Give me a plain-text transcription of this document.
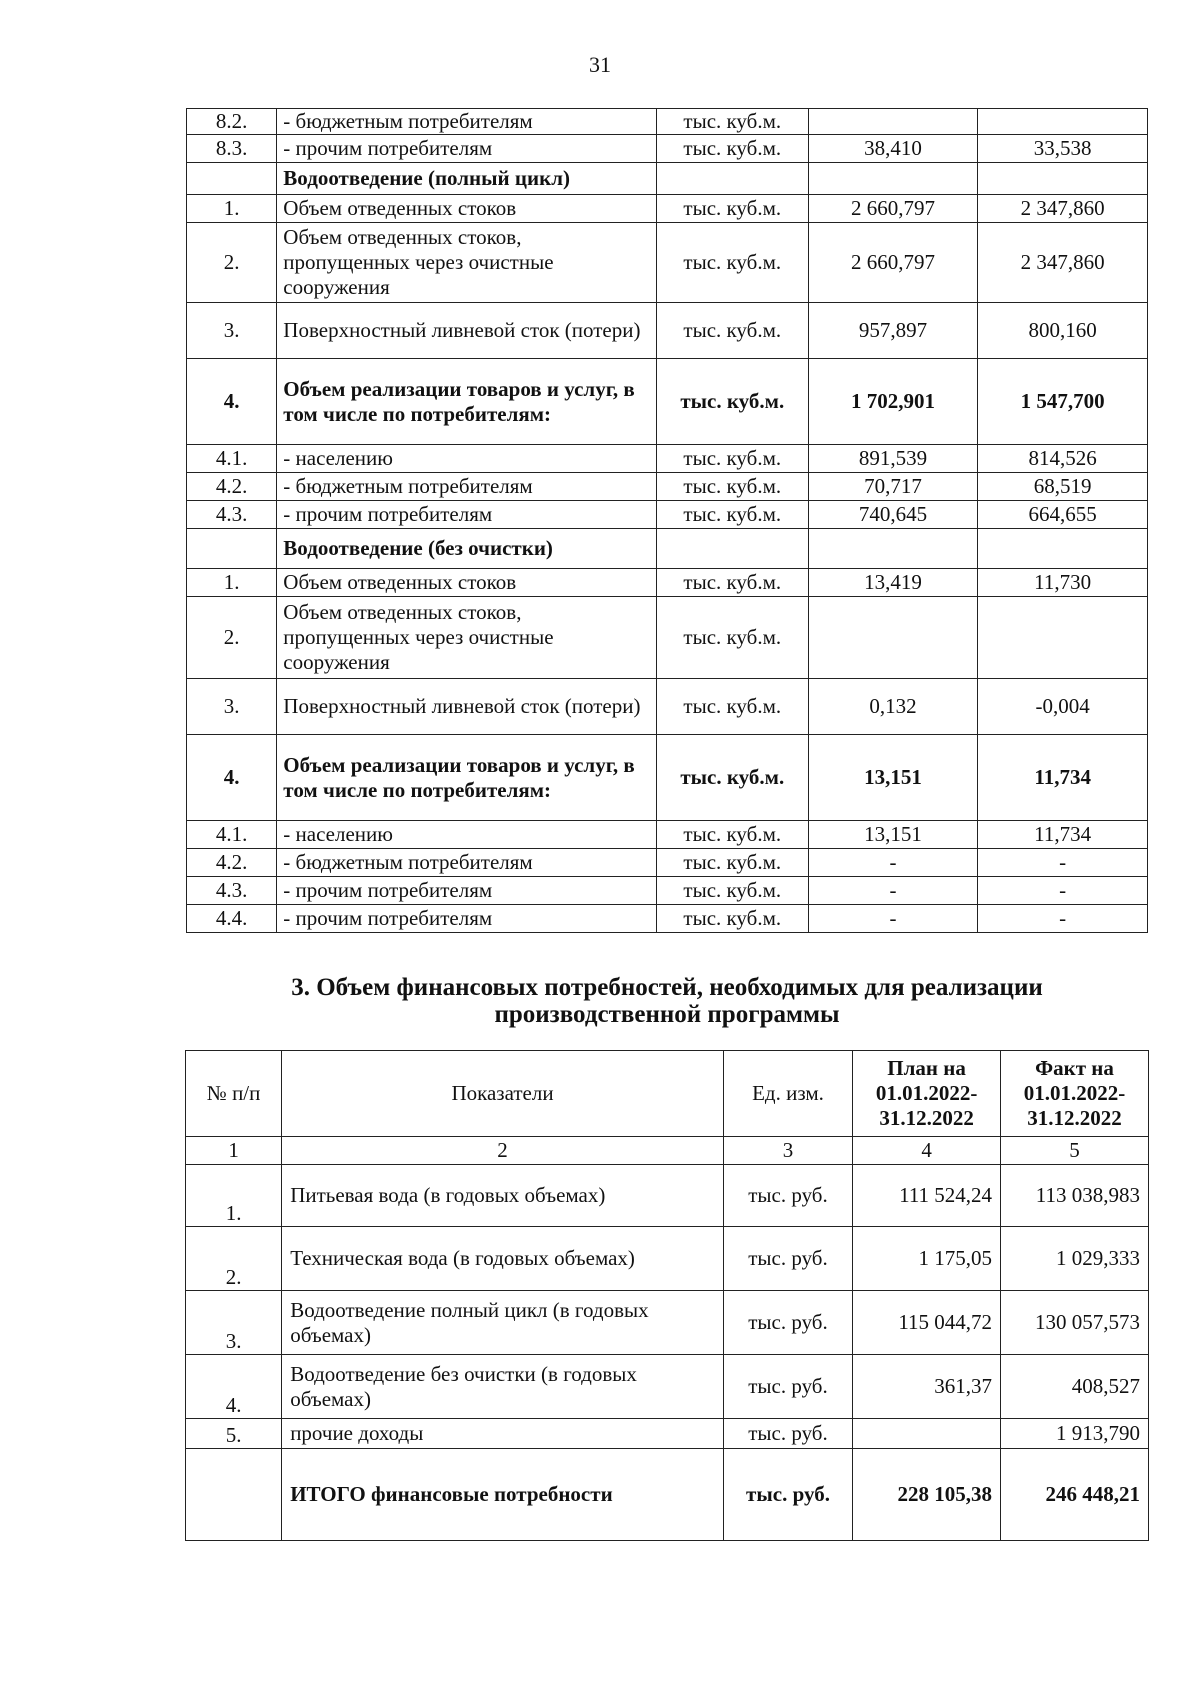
31
8.2.	- бюджетным потребителям	тыс. куб.м.		
8.3.	- прочим потребителям	тыс. куб.м.	38,410	33,538
	Водоотведение (полный цикл)			
1.	Объем отведенных стоков	тыс. куб.м.	2 660,797	2 347,860
2.	Объем отведенных стоков, пропущенных через очистные сооружения	тыс. куб.м.	2 660,797	2 347,860
3.	Поверхностный ливневой сток (потери)	тыс. куб.м.	957,897	800,160
4.	Объем реализации товаров и услуг, в том числе по потребителям:	тыс. куб.м.	1 702,901	1 547,700
4.1.	- населению	тыс. куб.м.	891,539	814,526
4.2.	- бюджетным потребителям	тыс. куб.м.	70,717	68,519
4.3.	- прочим потребителям	тыс. куб.м.	740,645	664,655
	Водоотведение (без очистки)			
1.	Объем отведенных стоков	тыс. куб.м.	13,419	11,730
2.	Объем отведенных стоков, пропущенных через очистные сооружения	тыс. куб.м.		
3.	Поверхностный ливневой сток (потери)	тыс. куб.м.	0,132	-0,004
4.	Объем реализации товаров и услуг, в том числе по потребителям:	тыс. куб.м.	13,151	11,734
4.1.	- населению	тыс. куб.м.	13,151	11,734
4.2.	- бюджетным потребителям	тыс. куб.м.	-	-
4.3.	- прочим потребителям	тыс. куб.м.	-	-
4.4.	- прочим потребителям	тыс. куб.м.	-	-
3. Объем финансовых потребностей, необходимых для реализации
производственной программы
№ п/п	Показатели	Ед. изм.	План на 01.01.2022-31.12.2022	Факт на 01.01.2022-31.12.2022
1	2	3	4	5
1.	Питьевая вода (в годовых объемах)	тыс. руб.	111 524,24	113 038,983
2.	Техническая вода (в годовых объемах)	тыс. руб.	1 175,05	1 029,333
3.	Водоотведение полный цикл (в годовых объемах)	тыс. руб.	115 044,72	130 057,573
4.	Водоотведение без очистки (в годовых объемах)	тыс. руб.	361,37	408,527
5.	прочие доходы	тыс. руб.		1 913,790
	ИТОГО финансовые потребности	тыс. руб.	228 105,38	246 448,21
